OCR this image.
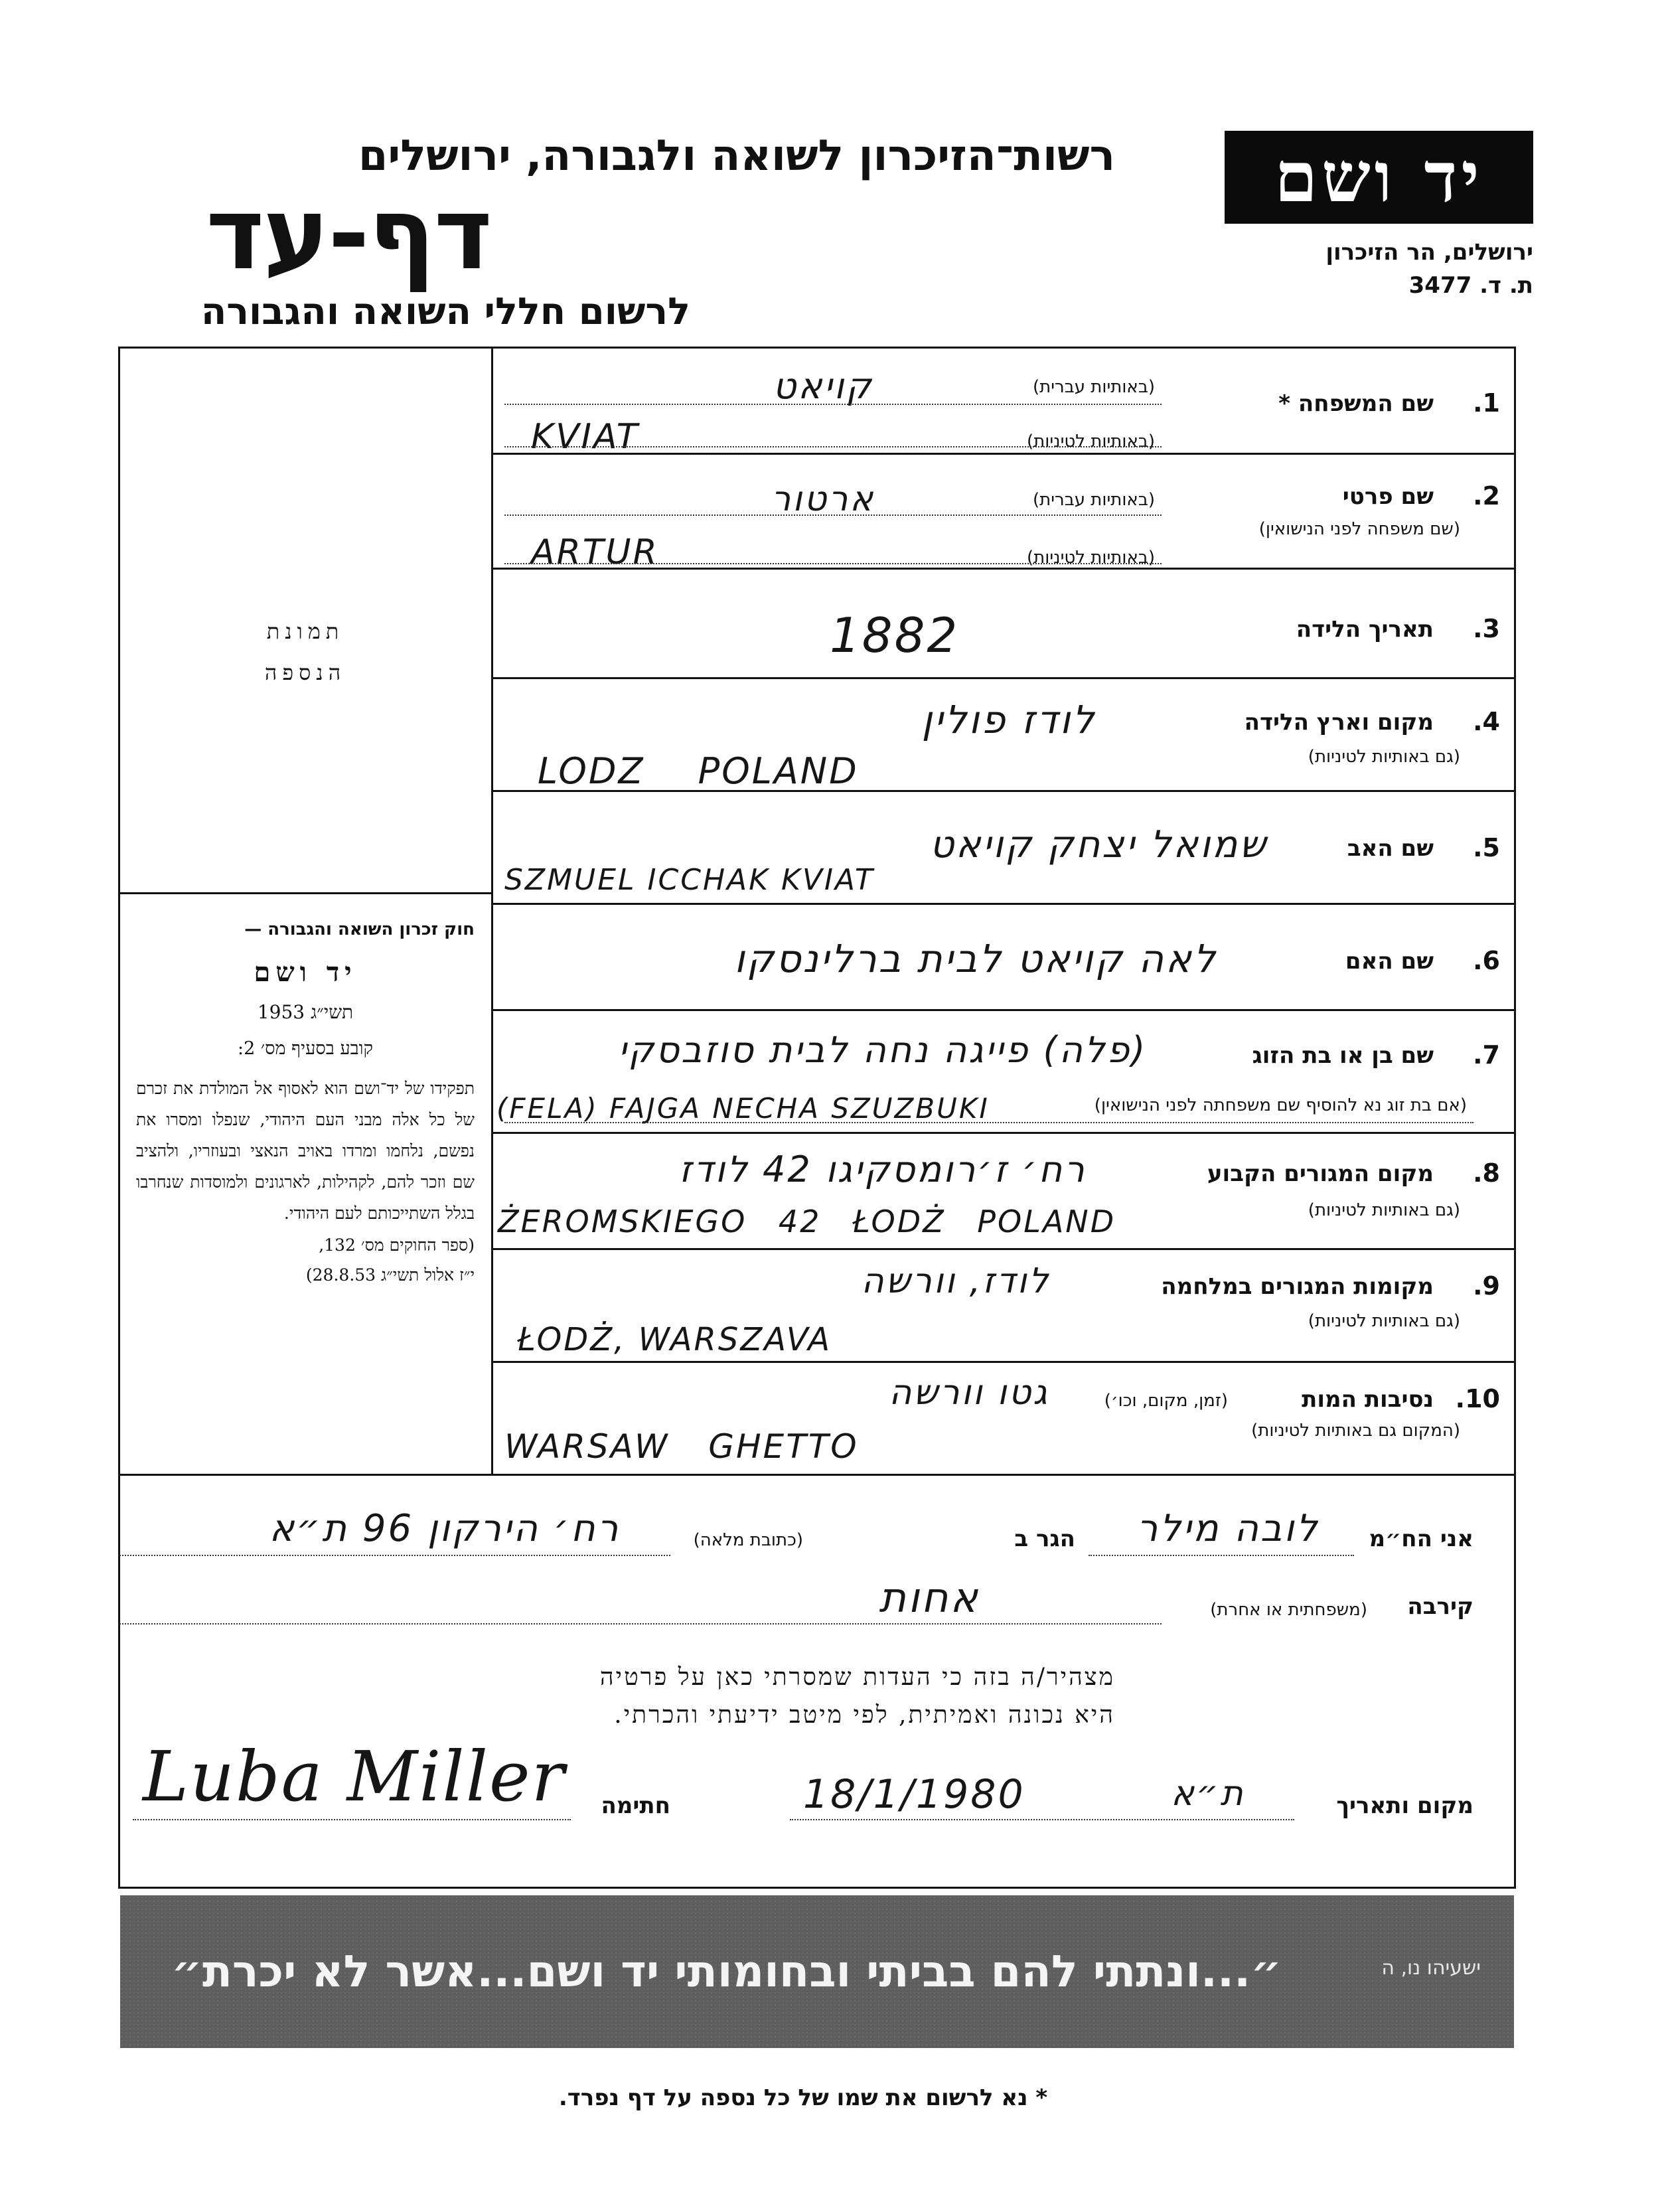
יד ושם
ירושלים, הר הזיכרון
ת. ד. 3477
רשות־הזיכרון לשואה ולגבורה, ירושלים
דף-עד
לרשום חללי השואה והגבורה
תמונת
הנספה
חוק זכרון השואה והגבורה —
יד ושם
תשי״ג 1953
קובע בסעיף מס׳ 2:
תפקידו של יד־ושם הוא לאסוף אל המולדת את זכרם של כל אלה מבני העם היהודי, שנפלו ומסרו את נפשם, נלחמו ומרדו באויב הנאצי ובעוזריו, ולהציב שם וזכר להם, לקהילות, לארגונים ולמוסדות שנחרבו בגלל השתייכותם לעם היהודי.
(ספר החוקים מס׳ 132,
י״ז אלול תשי״ג 28.8.53)
1.
שם המשפחה *
(באותיות עברית)
(באותיות לטיניות)
קויאט
KVIAT
2.
שם פרטי
(שם משפחה לפני הנישואין)
(באותיות עברית)
(באותיות לטיניות)
ארטור
ARTUR
3.
תאריך הלידה
1882
4.
מקום וארץ הלידה
(גם באותיות לטיניות)
לודז פולין
LODZ POLAND
5.
שם האב
שמואל יצחק קויאט
SZMUEL ICCHAK KVIAT
6.
שם האם
לאה קויאט לבית ברלינסקו
7.
שם בן או בת הזוג
(אם בת זוג נא להוסיף שם משפחתה לפני הנישואין)
(פלה) פייגה נחה לבית סוזבסקי
(FELA) FAJGA NECHA SZUZBUKI
8.
מקום המגורים הקבוע
(גם באותיות לטיניות)
רח׳ ז׳רומסקיגו 42 לודז
ŻEROMSKIEGO 42 ŁODŻ POLAND
9.
מקומות המגורים במלחמה
(גם באותיות לטיניות)
לודז, וורשה
ŁODŻ, WARSZAVA
10.
נסיבות המות
(זמן, מקום, וכו׳)
(המקום גם באותיות לטיניות)
גטו וורשה
WARSAW GHETTO
אני הח״מ
לובה מילר
הגר ב
(כתובת מלאה)
רח׳ הירקון 96 ת״א
קירבה
(משפחתית או אחרת)
אחות
מצהיר/ה בזה כי העדות שמסרתי כאן על פרטיה
היא נכונה ואמיתית, לפי מיטב ידיעתי והכרתי.
מקום ותאריך
ת״א
18/1/1980
חתימה
Luba Miller
״...ונתתי להם בביתי ובחומותי יד ושם...אשר לא יכרת״	ישעיהו נו, ה
* נא לרשום את שמו של כל נספה על דף נפרד.
